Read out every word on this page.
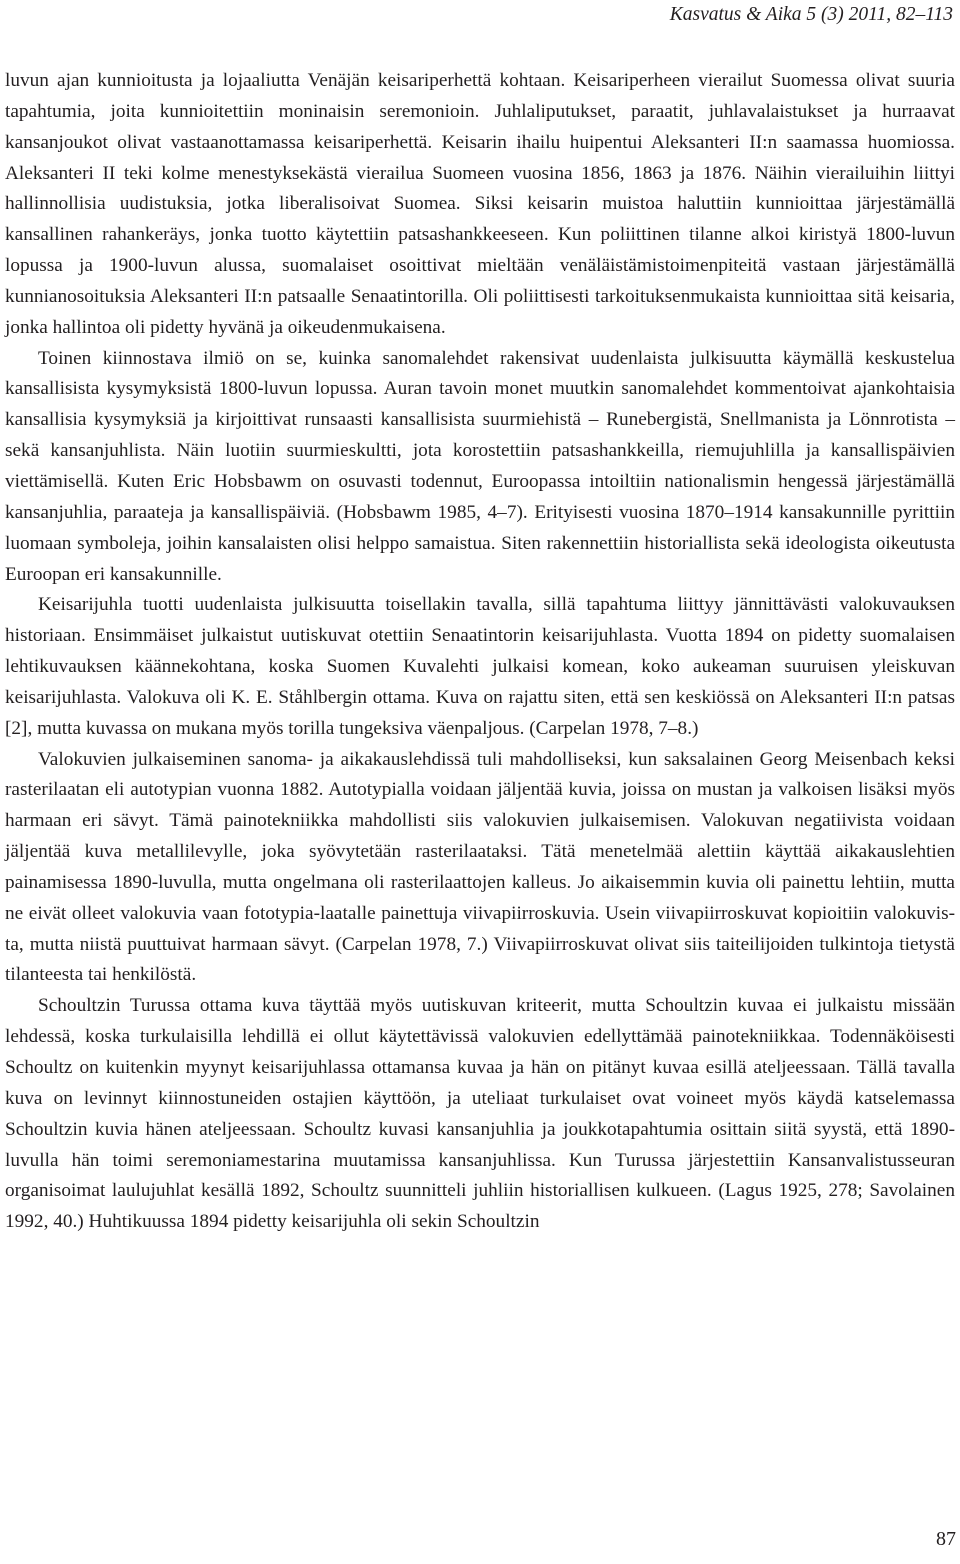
Kasvatus & Aika 5 (3) 2011, 82–113

luvun ajan kunnioitusta ja lojaaliutta Venäjän keisariperhettä kohtaan. Keisariperheen vierailut Suomessa olivat suuria tapahtumia, joita kunnioitettiin moninaisin seremonioin. Juhlaliputukset, paraatit, juhlavalaistukset ja hurraavat kansanjoukot olivat vastaanottamassa keisariperhettä. Keisarin ihailu huipentui Aleksanteri II:n saamassa huomiossa. Aleksanteri II teki kolme menestyksekästä vierailua Suomeen vuosina 1856, 1863 ja 1876. Näihin vierailuihin liittyi hallinnollisia uudistuksia, jotka liberalisoivat Suomea. Siksi keisarin muistoa haluttiin kunnioittaa järjestämällä kansallinen rahankeräys, jonka tuotto käytettiin patsashankkeeseen. Kun poliittinen tilanne alkoi kiristyä 1800-luvun lopussa ja 1900-luvun alussa, suomalaiset osoittivat mieltään venäläistämistoimenpiteitä vastaan järjestämällä kunnianosoituksia Aleksanteri II:n patsaalle Senaatintorilla. Oli poliittisesti tarkoituksenmukaista kunnioittaa sitä keisaria, jonka hallintoa oli pidetty hyvänä ja oikeudenmukaisena.

Toinen kiinnostava ilmiö on se, kuinka sanomalehdet rakensivat uudenlaista julkisuutta käymällä keskustelua kansallisista kysymyksistä 1800-luvun lopussa. Auran tavoin monet muutkin sanomalehdet kommentoivat ajankohtaisia kansallisia kysymyksiä ja kirjoittivat runsaasti kansallisista suurmiehistä – Runebergistä, Snellmanista ja Lönnrotista – sekä kansanjuhlista. Näin luotiin suurmieskultti, jota korostettiin patsashankkeilla, riemujuhlilla ja kansallispäivien viettämisellä. Kuten Eric Hobsbawm on osuvasti todennut, Euroopassa intoiltiin nationalismin hengessä järjestämällä kansanjuhlia, paraateja ja kansallispäiviä. (Hobsbawm 1985, 4–7). Erityisesti vuosina 1870–1914 kansakunnille pyrittiin luomaan symboleja, joihin kansalaisten olisi helppo samaistua. Siten rakennettiin historiallista sekä ideologista oikeutusta Euroopan eri kansakunnille.

Keisarijuhla tuotti uudenlaista julkisuutta toisellakin tavalla, sillä tapahtuma liittyy jännittävästi valokuvauksen historiaan. Ensimmäiset julkaistut uutiskuvat otettiin Senaatintorin keisarijuhlasta. Vuotta 1894 on pidetty suomalaisen lehtikuvauksen käännekohtana, koska Suomen Kuvalehti julkaisi komean, koko aukeaman suuruisen yleiskuvan keisarijuhlasta. Valokuva oli K. E. Ståhlbergin ottama. Kuva on rajattu siten, että sen keskiössä on Aleksanteri II:n patsas [2], mutta kuvassa on mukana myös torilla tungeksiva väenpaljous. (Carpelan 1978, 7–8.)

Valokuvien julkaiseminen sanoma- ja aikakauslehdissä tuli mahdolliseksi, kun saksalainen Georg Meisenbach keksi rasterilaatan eli autotypian vuonna 1882. Autotypialla voidaan jäljentää kuvia, joissa on mustan ja valkoisen lisäksi myös harmaan eri sävyt. Tämä painotekniikka mahdollisti siis valokuvien julkaisemisen. Valokuvan negatiivista voidaan jäljentää kuva metallilevylle, joka syövytetään rasterilaataksi. Tätä menetelmää alettiin käyttää aikakauslehtien painamisessa 1890-luvulla, mutta ongelmana oli rasterilaattojen kalleus. Jo aikaisemmin kuvia oli painettu lehtiin, mutta ne eivät olleet valokuvia vaan fototypia-laatalle painettuja viivapiirroskuvia. Usein viivapiirroskuvat kopioitiin valokuvista, mutta niistä puuttuivat harmaan sävyt. (Carpelan 1978, 7.) Viivapiirroskuvat olivat siis taiteilijoiden tulkintoja tietystä tilanteesta tai henkilöstä.

Schoultzin Turussa ottama kuva täyttää myös uutiskuvan kriteerit, mutta Schoultzin kuvaa ei julkaistu missään lehdessä, koska turkulaisilla lehdillä ei ollut käytettävissä valokuvien edellyttämää painotekniikkaa. Todennäköisesti Schoultz on kuitenkin myynyt keisarijuhlassa ottamansa kuvaa ja hän on pitänyt kuvaa esillä ateljeessaan. Tällä tavalla kuva on levinnyt kiinnostuneiden ostajien käyttöön, ja uteliaat turkulaiset ovat voineet myös käydä katselemassa Schoultzin kuvia hänen ateljeessaan. Schoultz kuvasi kansanjuhlia ja joukkotapahtumia osittain siitä syystä, että 1890-luvulla hän toimi seremoniamestarina muutamissa kansanjuhlissa. Kun Turussa järjestettiin Kansanvalistusseuran organisoimat laulujuhlat kesällä 1892, Schoultz suunnitteli juhliin historiallisen kulkueen. (Lagus 1925, 278; Savolainen 1992, 40.) Huhtikuussa 1894 pidetty keisarijuhla oli sekin Schoultzin

87
